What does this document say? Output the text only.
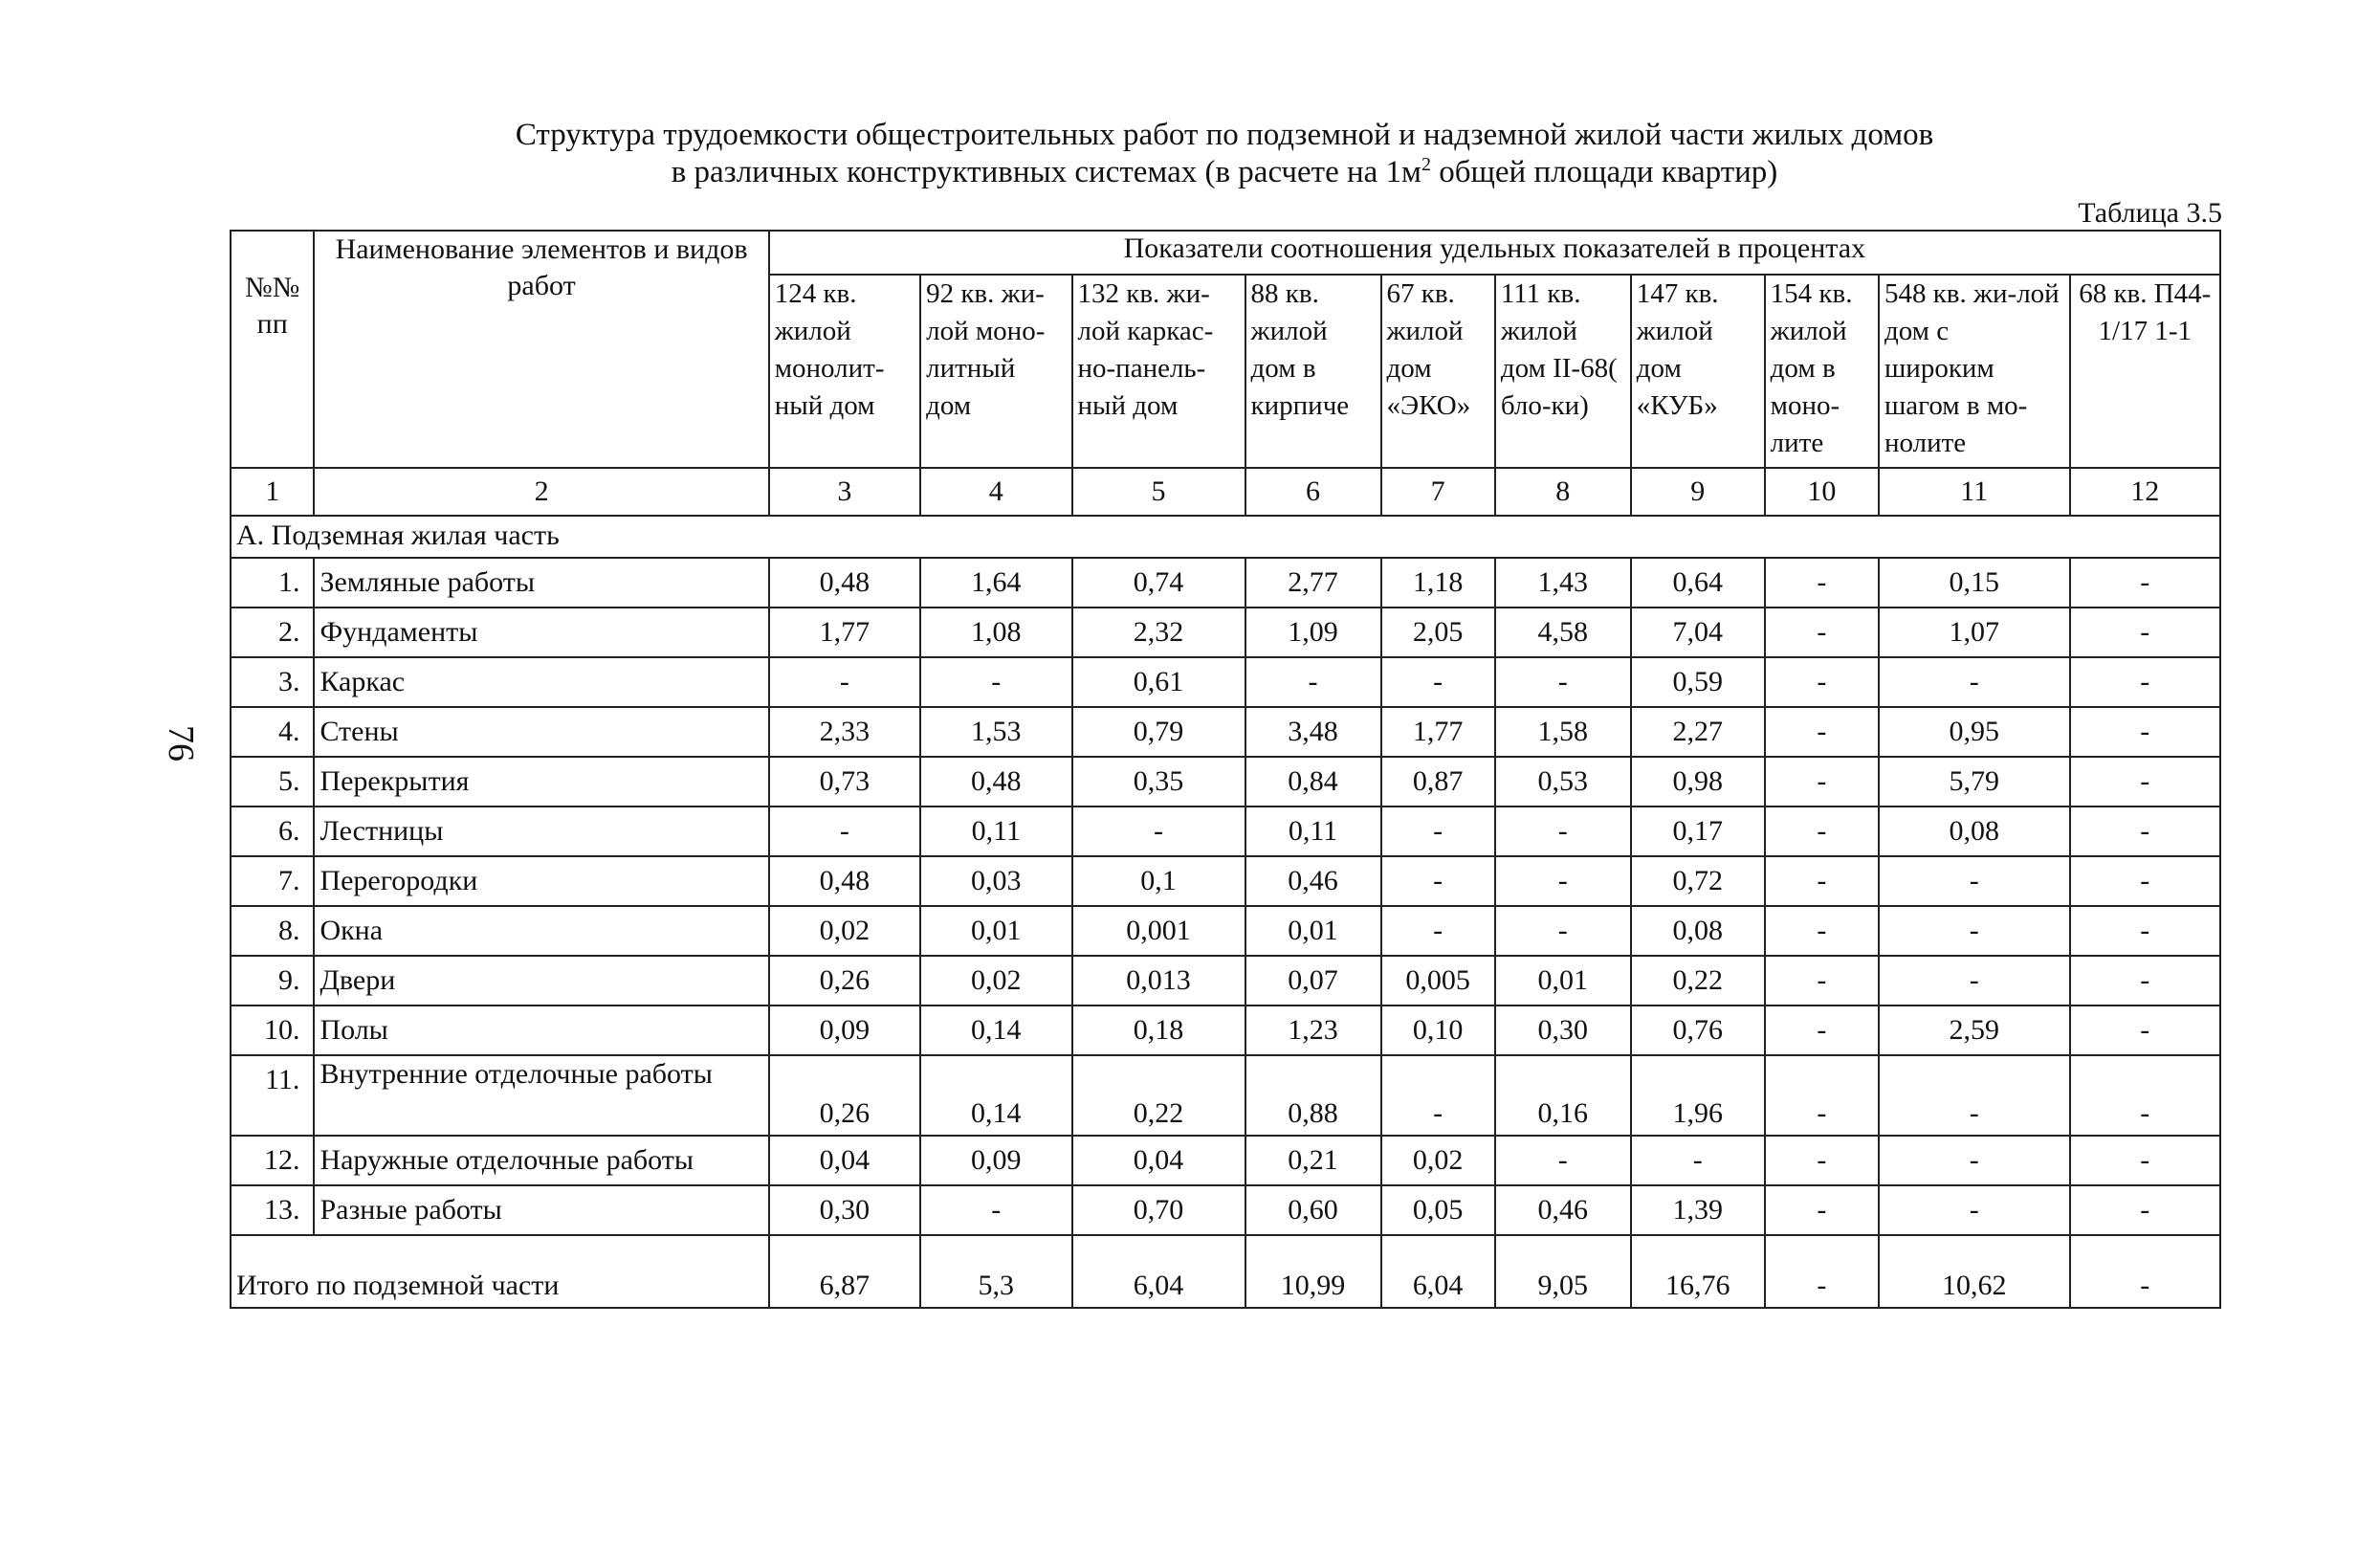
Структура трудоемкости общестроительных работ по подземной и надземной жилой части жилых домов
в различных конструктивных системах (в расчете на $1м^2$ общей площади квартир)
Таблица 3.5
76
№№ пп	Наименование элементов и видов работ	Показатели соотношения удельных показателей в процентах									
		124 кв. жилой монолит-ный дом	92 кв. жи-лой моно-литный дом	132 кв. жи-лой каркас-но-панель-ный дом	88 кв. жилой дом в кирпиче	67 кв. жилой дом «ЭКО»	111 кв. жилой дом II-68( бло-ки)	147 кв. жилой дом «КУБ»	154 кв. жилой дом в моно-лите	548 кв. жи-лой дом с широким шагом в мо-нолите	68 кв. П44-1/17 1-1
1	2	3	4	5	6	7	8	9	10	11	12
А. Подземная жилая часть											
1.	Земляные работы	0,48	1,64	0,74	2,77	1,18	1,43	0,64	-	0,15	-
2.	Фундаменты	1,77	1,08	2,32	1,09	2,05	4,58	7,04	-	1,07	-
3.	Каркас	-	-	0,61	-	-	-	0,59	-	-	-
4.	Стены	2,33	1,53	0,79	3,48	1,77	1,58	2,27	-	0,95	-
5.	Перекрытия	0,73	0,48	0,35	0,84	0,87	0,53	0,98	-	5,79	-
6.	Лестницы	-	0,11	-	0,11	-	-	0,17	-	0,08	-
7.	Перегородки	0,48	0,03	0,1	0,46	-	-	0,72	-	-	-
8.	Окна	0,02	0,01	0,001	0,01	-	-	0,08	-	-	-
9.	Двери	0,26	0,02	0,013	0,07	0,005	0,01	0,22	-	-	-
10.	Полы	0,09	0,14	0,18	1,23	0,10	0,30	0,76	-	2,59	-
11.	Внутренние отделочные работы	0,26	0,14	0,22	0,88	-	0,16	1,96	-	-	-
12.	Наружные отделочные работы	0,04	0,09	0,04	0,21	0,02	-	-	-	-	-
13.	Разные работы	0,30	-	0,70	0,60	0,05	0,46	1,39	-	-	-
Итого по подземной части		6,87	5,3	6,04	10,99	6,04	9,05	16,76	-	10,62	-
